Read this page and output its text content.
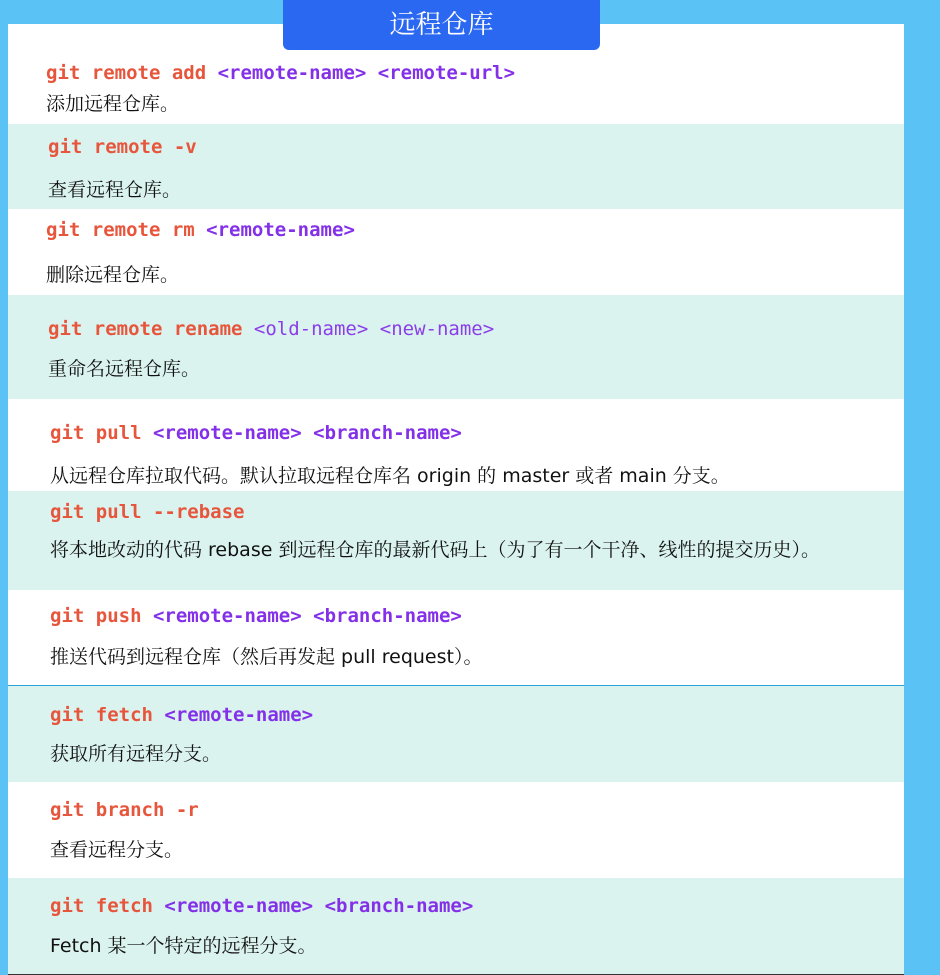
远程仓库
git remote add <remote-name> <remote-url>
添加远程仓库。
git remote -v
查看远程仓库。
git remote rm <remote-name>
删除远程仓库。
git remote rename <old-name> <new-name>
重命名远程仓库。
git pull <remote-name> <branch-name>
从远程仓库拉取代码。默认拉取远程仓库名 origin 的 master 或者 main 分支。
git pull --rebase
将本地改动的代码 rebase 到远程仓库的最新代码上（为了有一个干净、线性的提交历史）。
git push <remote-name> <branch-name>
推送代码到远程仓库（然后再发起 pull request）。
git fetch <remote-name>
获取所有远程分支。
git branch -r
查看远程分支。
git fetch <remote-name> <branch-name>
Fetch 某一个特定的远程分支。
